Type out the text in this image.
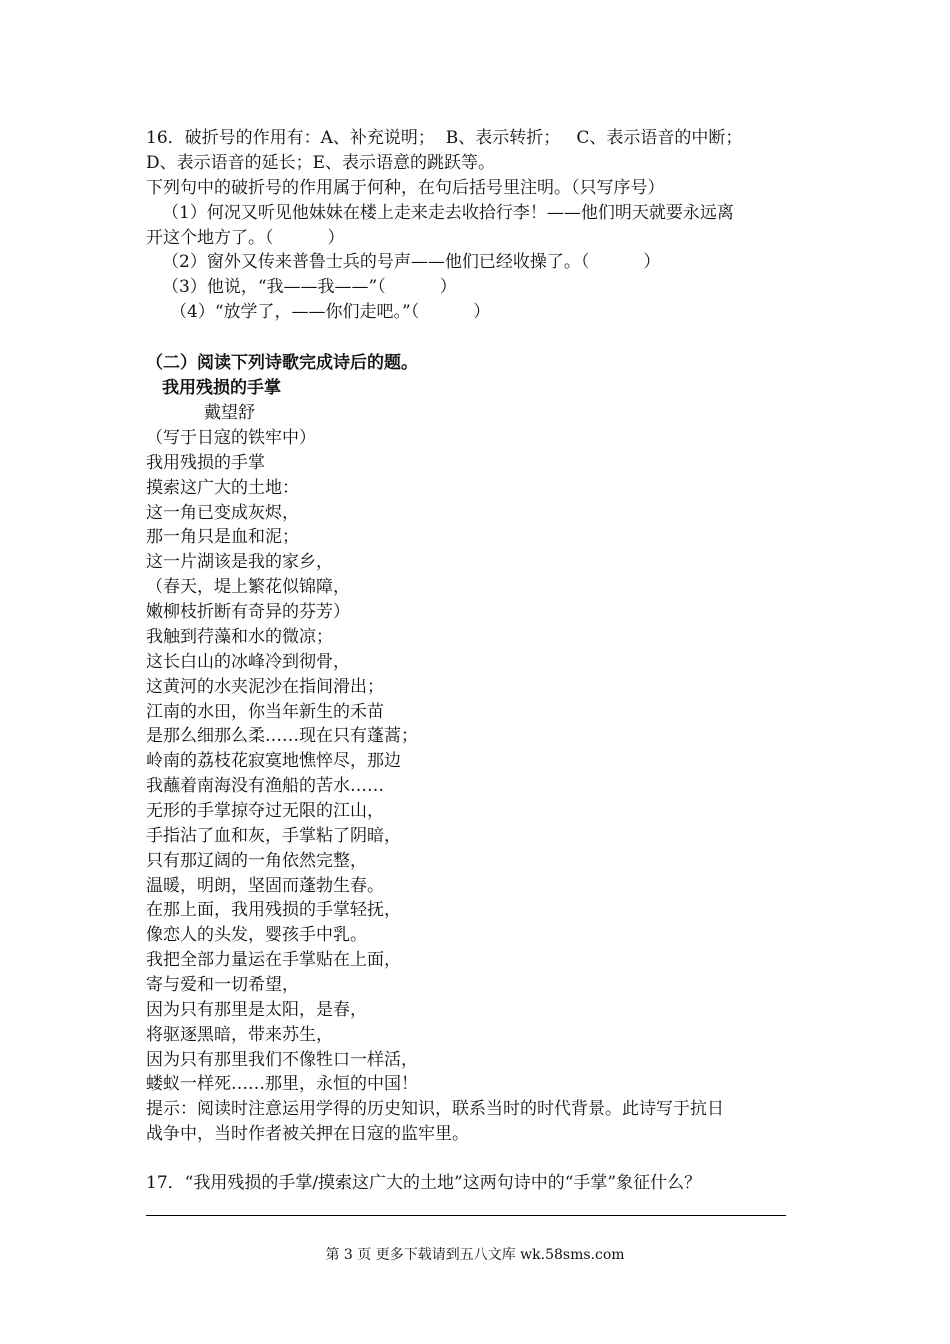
16．破折号的作用有：A、补充说明；  B、表示转折；   C、表示语音的中断；
D、表示语音的延长；E、表示语意的跳跃等。
下列句中的破折号的作用属于何种，在句后括号里注明。（只写序号）
（1）何况又听见他妹妹在楼上走来走去收拾行李！——他们明天就要永远离
开这个地方了。（          ）
（2）窗外又传来普鲁士兵的号声——他们已经收操了。（          ）
（3）他说，“我——我——”（          ）
（4）“放学了，——你们走吧。”（          ）
（二）阅读下列诗歌完成诗后的题。
我用残损的手掌
戴望舒
（写于日寇的铁牢中）
我用残损的手掌
摸索这广大的土地：
这一角已变成灰烬，
那一角只是血和泥；
这一片湖该是我的家乡，
（春天，堤上繁花似锦障，
嫩柳枝折断有奇异的芬芳）
我触到荇藻和水的微凉；
这长白山的冰峰冷到彻骨，
这黄河的水夹泥沙在指间滑出；
江南的水田，你当年新生的禾苗
是那么细那么柔……现在只有蓬蒿；
岭南的荔枝花寂寞地憔悴尽，那边
我蘸着南海没有渔船的苦水……
无形的手掌掠夺过无限的江山，
手指沾了血和灰，手掌粘了阴暗，
只有那辽阔的一角依然完整，
温暖，明朗，坚固而蓬勃生春。
在那上面，我用残损的手掌轻抚，
像恋人的头发，婴孩手中乳。
我把全部力量运在手掌贴在上面，
寄与爱和一切希望，
因为只有那里是太阳，是春，
将驱逐黑暗，带来苏生，
因为只有那里我们不像牲口一样活，
蝼蚁一样死……那里，永恒的中国！
提示：阅读时注意运用学得的历史知识，联系当时的时代背景。此诗写于抗日
战争中，当时作者被关押在日寇的监牢里。
17．“我用残损的手掌/摸索这广大的土地”这两句诗中的“手掌”象征什么？
第 3 页 更多下载请到五八文库 wk.58sms.com
